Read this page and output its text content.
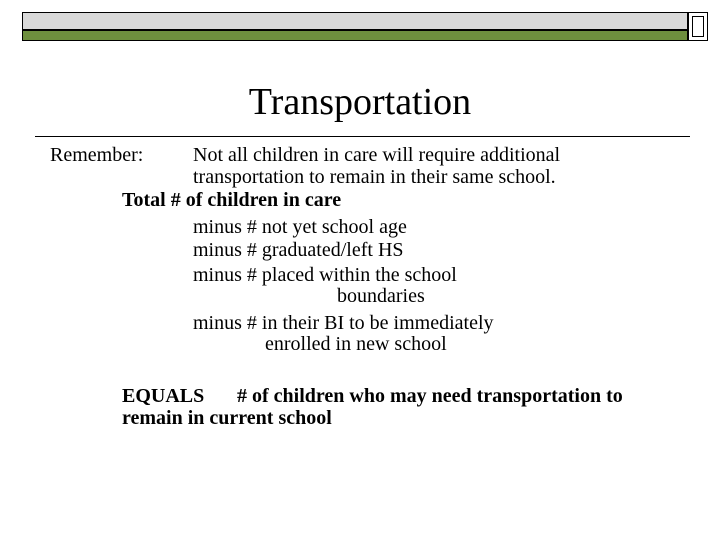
Transportation
Remember: Not all children in care will require additional
transportation to remain in their same school.
Total # of children in care
minus # not yet school age
minus # graduated/left HS
minus # placed within the school
boundaries
minus # in their BI to be immediately
enrolled in new school
EQUALS # of children who may need transportation to
remain in current school
